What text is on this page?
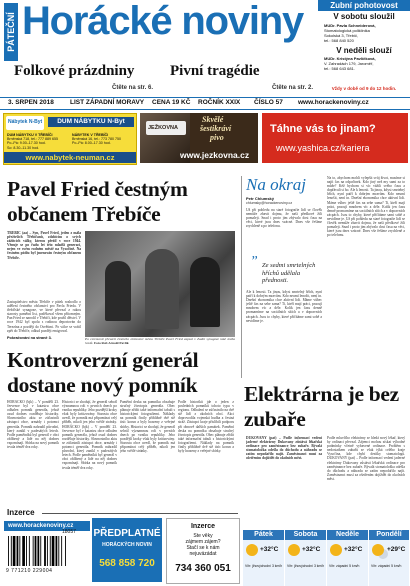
PÁTEČNÍ Horácké noviny
Folkové prázdniny
Čtěte na str. 6.
Pivní tragédie
Čtěte na str. 2.
Zubní pohotovost
V sobotu sloužil
MUDr. Pavla Schneiderová,
Stomatologická poliklinika
Sokolská 3, Třebíč,
tel.: 568 840 520
V neděli slouží
MUDr. Kristýna Pavlíčková,
V. Zahradách 179, Jaroměř,
tel.: 568 643 681.
Vždy v době od 9 do 12 hodin.
3. SRPEN 2018 LIST ZÁPADNÍ MORAVY CENA 19 KČ ROČNÍK XXIX ČÍSLO 57 www.horackenoviny.cz
Nábytek N-Byt	DUM NÁBYTKU N-Byt
DUM NÁBYTKU V TŘEBÍČI
Brněnská 718, tel.: 777 889 655
Po–Pá: 9.00–17.30 hod.
So: 8.30–11.30 hod.
NÁBYTEK V TŘEBÍČI
Brněnská 16, tel.: 773 780 750
Po–Pá: 8.00–17.30 hod.
www.nabytek-neuman.cz
JEŽKOVNA
Skvělé
šestikráví
pivo
www.jezkovna.cz
Táhne vás to jinam?
www.yashica.cz/kariera
Pavel Fried čestným občanem Třebíče
TŘEBÍČ (aa) – Syn, Pavel Fried, jeden z mála přeživších Třebíčanů, zdobícím o svých zážitcích války, kterou přežil v roce 1944. Věnuje se po řadu let této mladší generaci, nejen ve svém rodném městě na Vysočině. Na čestném pódiu byl jmenován čestným občanem Třebíče.
Zastupitelstvo města Třebíče v pátek rozhodlo o udělení čestného občanství pro Pavla Frieda. V třebíčské synagoze, ve které převzal z rukou starosty pamětní list, poděkoval všem přítomným. Pan Fried se narodil v Třebíči, kde prožil dětství. V roce 1942 byl spolu s rodinou deportován do Terezína a později do Osvětimi. Po válce se vrátil zpět do Třebíče, odkud později emigroval.
Pokračování na straně 3.	Po ceremonii převzetí čestného občanství města Třebíče Pavel Fried zapsal v Zadní synagoze také kniha hostů. Foto Rob Arnold Pavlík
Na okraj
Petr Chlumský
chlumsky@horackenoviny.cz
Už při pohledu na staré fotografie lidí se člověk nemůže zbavit dojmu, že naši předkové žili pomaleji. Snad i proto jim zbývalo dost času na věci, které jsou dnes vzácné. Dnes vše řešíme zrychleně a po telefonu.
” Ze sedmi smrtelných hříchů udělala přednosti.
Ale k lenosti. Ta jinou, kdysi smrtelný hřích, nyní patří k dobrým mravům. Kdo neumí lenošit, není in. Dnešní ekonomika chce aktivní lidi. Máme vůbec ještě čas na sebe sama? Ti, kteří mají práci, pracují mnohem víc a déle. Kolik jen času denně promarníme na sociálních sítích a v dopravních zácpách. Jsou to chyby, které přičítáme sami sobě a nevidíme je.
Na to, abychom mohli vylepšit svůj život, musíme si najít čas na odpočinek. Kdo jiný než my sami za to může? Kéž bychom si víc vážili svého času a dopřávali si ho. Ale k lenosti. Ta jinou, kdysi smrtelný hřích, nyní patří k dobrým mravům. Kdo neumí lenošit, není in. Dnešní ekonomika chce aktivní lidi. Máme vůbec ještě čas na sebe sama? Ti, kteří mají práci, pracují mnohem víc a déle. Kolik jen času denně promarníme na sociálních sítích a v dopravních zácpách. Jsou to chyby, které přičítáme sami sobě a nevidíme je. Už při pohledu na staré fotografie lidí se člověk nemůže zbavit dojmu, že naši předkové žili pomaleji. Snad i proto jim zbývalo dost času na věci, které jsou dnes vzácné. Dnes vše řešíme zrychleně a po telefonu.
Kontroverzní generál dostane nový pomník
HORÁCKO (bjk) – V pondělí 23. července byl v katastru obce odhalen pomník generála, jehož osud dodnes rozděluje historiky. Slavnostního aktu se zúčastnili zástupci obce, armády i potomci generála. Pomník nahradil původní, který zanikl v padesátých letech. Podle pamětníků byl generál v obci oblíbený a lidé na něj dodnes vzpomínají. Sbírka na nový pomník trvala téměř dva roky.
Historici se shodují, že generál sehrál významnou roli v prvních dnech po vzniku republiky. Jeho pozdější kroky však byly kritizovány. Starosta obce uvedl, že pomník má připomínat celý příběh, nikoli jen jeho světlé stránky. HORÁCKO (bjk) – V pondělí 23. července byl v katastru obce odhalen pomník generála, jehož osud dodnes rozděluje historiky. Slavnostního aktu se zúčastnili zástupci obce, armády i potomci generála. Pomník nahradil původní, který zanikl v padesátých letech. Podle pamětníků byl generál v obci oblíbený a lidé na něj dodnes vzpomínají. Sbírka na nový pomník trvala téměř dva roky.
Pamětní deska na pomníku obsahuje stručný životopis generála. Obec plánuje zřídit také informační tabuli s historickými fotografiemi. Náklady na pomník činily přibližně dvě stě tisíc korun a byly hrazeny z veřejné sbírky. Historici se shodují, že generál sehrál významnou roli v prvních dnech po vzniku republiky. Jeho pozdější kroky však byly kritizovány. Starosta obce uvedl, že pomník má připomínat celý příběh, nikoli jen jeho světlé stránky.
Podle historiků jde o jeden z posledních pomníků tohoto typu v regionu. Odhalení se zúčastnilo na dvě stě lidí z okolních obcí. Akci doprovodila vojenská hudba a čestná stráž. Zástupci kraje přislíbili podporu při obnově dalších památek. Pamětní deska na pomníku obsahuje stručný životopis generála. Obec plánuje zřídit také informační tabuli s historickými fotografiemi. Náklady na pomník činily přibližně dvě stě tisíc korun a byly hrazeny z veřejné sbírky.
Elektrárna je bez zubaře
DUKOVANY (pat) – Podle informací vedení jaderné elektrárny Dukovany zůstává lékařská ordinace pro zaměstnance bez zubaře. Bývalá stomatoložka odešla do důchodu a náhradu se zatím nepodařilo najít. Zaměstnanci musí za ošetřením dojíždět do okolních měst.
Podle mluvčího elektrárny se hledá nový lékař, který by ordinaci převzal. Zájemci mohou získat výhodné podmínky včetně vybavené ordinace. Problém s nedostatkem zubařů se však týká celého kraje Vysočina, kde chybí desítky stomatologů. DUKOVANY (pat) – Podle informací vedení jaderné elektrárny Dukovany zůstává lékařská ordinace pro zaměstnance bez zubaře. Bývalá stomatoložka odešla do důchodu a náhradu se zatím nepodařilo najít. Zaměstnanci musí za ošetřením dojíždět do okolních měst.
Inzerce
www.horackenoviny.cz
9 771210 229004
18057 PŘEDPLATNÉ
HORÁCKÝCH NOVIN
568 858 720
Inzerce
Ste věky
zájmem zájem?
Stačí se k nám
nejuvázádat
734 360 051
Pátek
+32°C
Vítr: jihovýchodní 3 km/h
Sobota
+32°C
Vítr: jihovýchodní 3 km/h
Neděle
+32°C
Vítr: západní 5 km/h
Pondělí
+29°C
Vítr: západní 5 km/h
